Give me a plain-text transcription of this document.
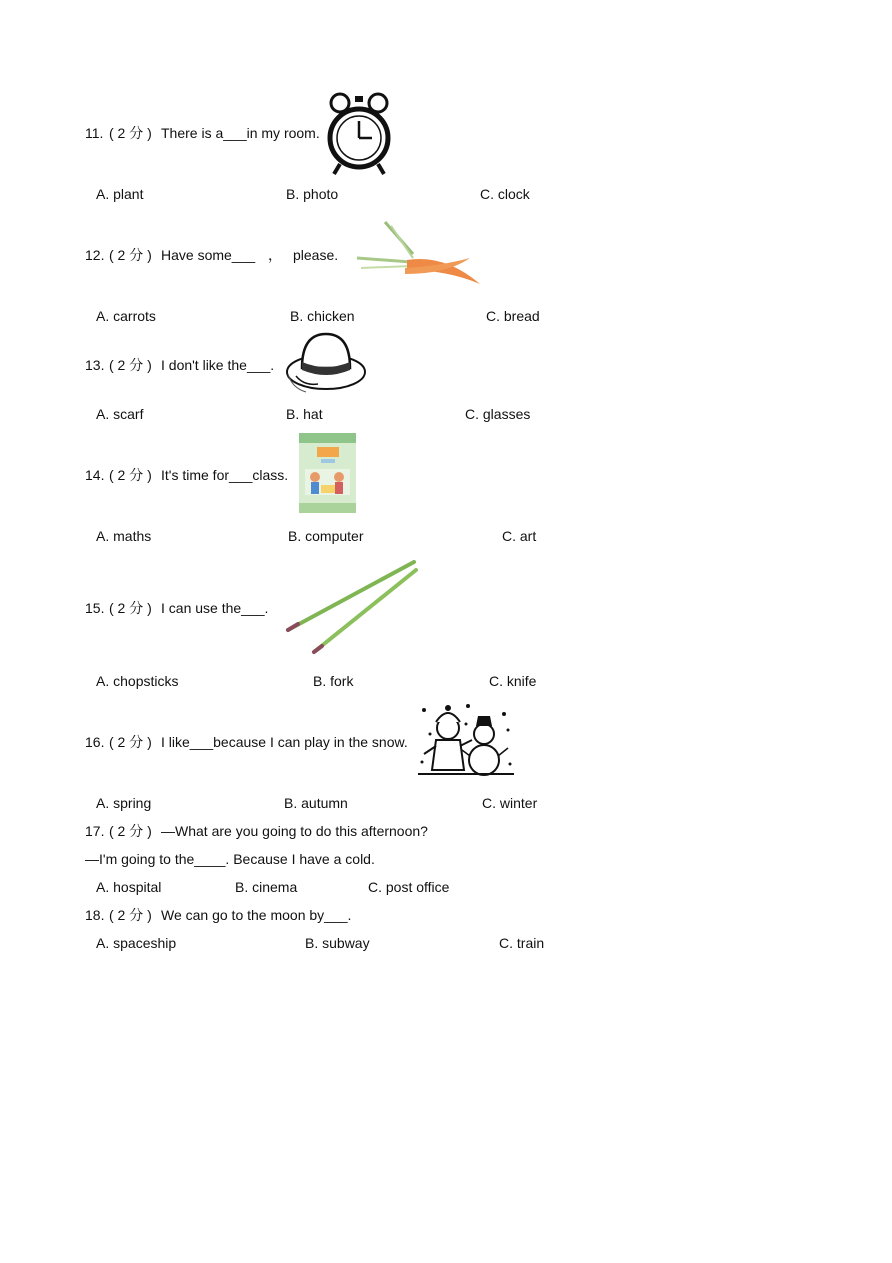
11. ( 2 分 ) There is a___in my room.
A. plant	B. photo	C. clock
12. ( 2 分 ) Have some___ ， please.
A. carrots	B. chicken	C. bread
13. ( 2 分 ) I don't like the___.
A. scarf	B. hat	C. glasses
14. ( 2 分 ) It's time for___class.
A. maths	B. computer	C. art
15. ( 2 分 ) I can use the___.
A. chopsticks	B. fork	C. knife
16. ( 2 分 ) I like___because I can play in the snow.
A. spring	B. autumn	C. winter
17. ( 2 分 ) —What are you going to do this afternoon?
—I'm going to the____. Because I have a cold.
A. hospital	B. cinema	C. post office
18. ( 2 分 ) We can go to the moon by___.
A. spaceship	B. subway	C. train
